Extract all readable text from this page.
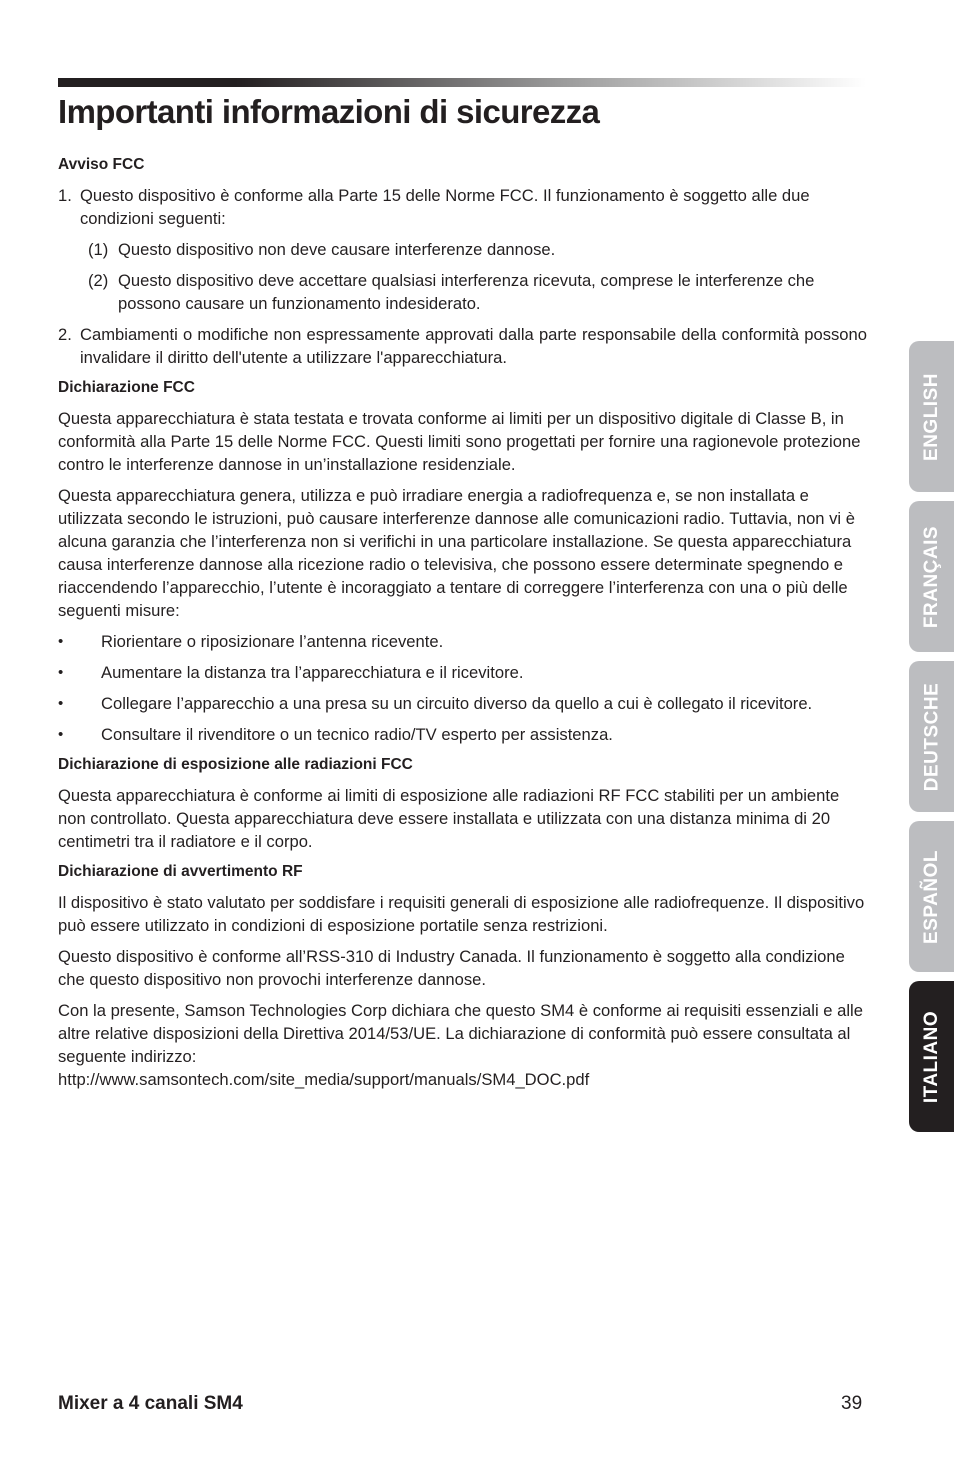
Importanti informazioni di sicurezza
Avviso FCC
1. Questo dispositivo è conforme alla Parte 15 delle Norme FCC. Il funzionamento è soggetto alle due condizioni seguenti:
(1) Questo dispositivo non deve causare interferenze dannose.
(2) Questo dispositivo deve accettare qualsiasi interferenza ricevuta, comprese le interferenze che possono causare un funzionamento indesiderato.
2. Cambiamenti o modifiche non espressamente approvati dalla parte responsabile della conformità possono invalidare il diritto dell'utente a utilizzare l'apparecchiatura.
Dichiarazione FCC

Questa apparecchiatura è stata testata e trovata conforme ai limiti per un dispositivo digitale di Classe B, in conformità alla Parte 15 delle Norme FCC. Questi limiti sono progettati per fornire una ragionevole protezione contro le interferenze dannose in un’installazione residenziale.

Questa apparecchiatura genera, utilizza e può irradiare energia a radiofrequenza e, se non installata e utilizzata secondo le istruzioni, può causare interferenze dannose alle comunicazioni radio. Tuttavia, non vi è alcuna garanzia che l’interferenza non si verifichi in una particolare installazione. Se questa apparecchiatura causa interferenze dannose alla ricezione radio o televisiva, che possono essere determinate spegnendo e riaccendendo l’apparecchio, l’utente è incoraggiato a tentare di correggere l’interferenza con una o più delle seguenti misure:

•	Riorientare o riposizionare l’antenna ricevente.
•	Aumentare la distanza tra l’apparecchiatura e il ricevitore.
•	Collegare l’apparecchio a una presa su un circuito diverso da quello a cui è collegato il ricevitore.
•	Consultare il rivenditore o un tecnico radio/TV esperto per assistenza.
Dichiarazione di esposizione alle radiazioni FCC

Questa apparecchiatura è conforme ai limiti di esposizione alle radiazioni RF FCC stabiliti per un ambiente non controllato. Questa apparecchiatura deve essere installata e utilizzata con una distanza minima di 20 centimetri tra il radiatore e il corpo.

Dichiarazione di avvertimento RF

Il dispositivo è stato valutato per soddisfare i requisiti generali di esposizione alle radiofrequenze. Il dispositivo può essere utilizzato in condizioni di esposizione portatile senza restrizioni.

Questo dispositivo è conforme all’RSS-310 di Industry Canada. Il funzionamento è soggetto alla condizione che questo dispositivo non provochi interferenze dannose.

Con la presente, Samson Technologies Corp dichiara che questo SM4 è conforme ai requisiti essenziali e alle altre relative disposizioni della Direttiva 2014/53/UE. La dichiarazione di conformità può essere consultata al seguente indirizzo:

http://www.samsontech.com/site_media/support/manuals/SM4_DOC.pdf

ENGLISH
FRANÇAIS
DEUTSCHE
ESPAÑOL
ITALIANO
Mixer a 4 canali SM4	39
